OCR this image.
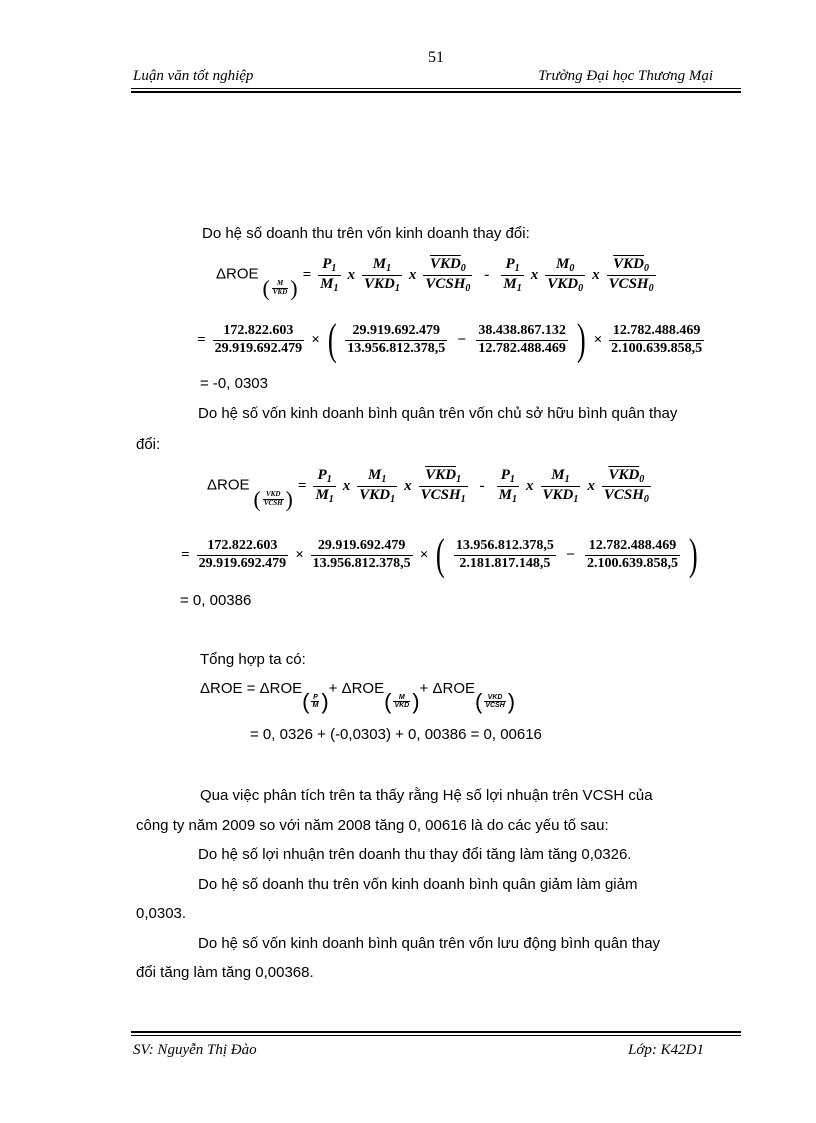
51
Luận văn tốt nghiệp	Trường Đại học Thương Mại
Do hệ số doanh thu trên vốn kinh doanh thay đổi:
ΔROE ( $\frac{M}{\text{VKD}}$ ) = $\frac{P_1}{M_1}$ x $\frac{M_1}{VKD_1}$ x $\frac{\overline{VKD}_0}{VCSH_0} - \frac{P_1}{M_1}$ x $\frac{M_0}{VKD_0}$ x $\frac{\overline{VKD}_0}{VCSH_0}$
= $\frac{172.822.603}{29.919.692.479}$ × ( $\frac{29.919.692.479}{13.956.812.378,5} - \frac{38.438.867.132}{12.782.488.469}$ ) × $\frac{12.782.488.469}{2.100.639.858,5}$
= -0, 0303
Do hệ số vốn kinh doanh bình quân trên vốn chủ sở hữu bình quân thay
đổi:
ΔROE ( $\frac{\text{VKD}}{\text{VCSH}}$ ) = $\frac{P_1}{M_1}$ x $\frac{M_1}{VKD_1}$ x $\frac{\overline{VKD}_1}{VCSH_1} - \frac{P_1}{M_1}$ x $\frac{M_1}{VKD_1}$ x $\frac{\overline{VKD}_0}{VCSH_0}$
= $\frac{172.822.603}{29.919.692.479} \times \frac{29.919.692.479}{13.956.812.378,5}$ × ( $\frac{13.956.812.378,5}{2.181.817.148,5} - \frac{12.782.488.469}{2.100.639.858,5}$ )
= 0, 00386
Tổng hợp ta có:
$\Delta ROE = \Delta ROE( \frac{P}{M}$ )+ $\Delta ROE( \frac{M}{\text{VKD}}$ )+ $\Delta ROE( \frac{\text{VKD}}{\text{VCSH}}$ )
= 0, 0326 + (-0,0303) + 0, 00386 = 0, 00616
Qua việc phân tích trên ta thấy rằng Hệ số lợi nhuận trên VCSH của
công ty năm 2009 so với năm 2008 tăng 0, 00616 là do các yếu tố sau:
Do hệ số lợi nhuận trên doanh thu thay đổi tăng làm tăng 0,0326.
Do hệ số doanh thu trên vốn kinh doanh bình quân giảm làm giảm
0,0303.
Do hệ số vốn kinh doanh bình quân trên vốn lưu động bình quân thay
đổi tăng làm tăng 0,00368.
SV: Nguyễn Thị Đào	Lớp: K42D1
